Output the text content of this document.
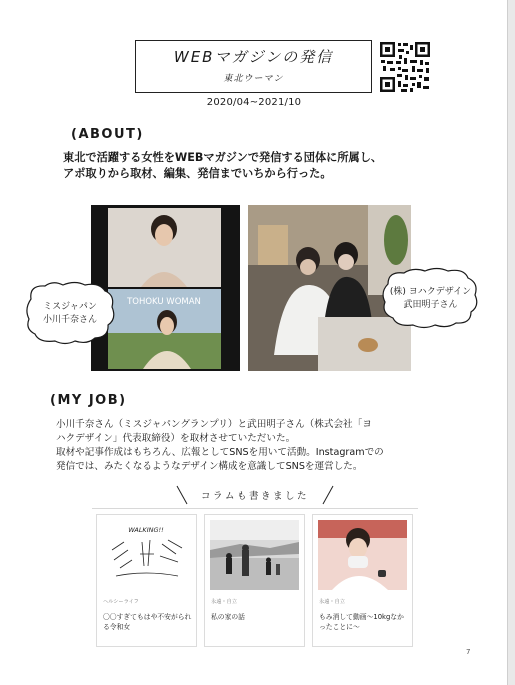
WEBマガジンの発信
東北ウーマン
2020/04~2021/10
(ABOUT)
東北で活躍する女性をWEBマガジンで発信する団体に所属し、
アポ取りから取材、編集、発信までいちから行った。
TOHOKU WOMAN
ミスジャパン
小川千奈さん
(株) ヨハクデザイン
武田明子さん
(MY JOB)
小川千奈さん（ミスジャパングランプリ）と武田明子さん（株式会社「ヨ
ハクデザイン」代表取締役）を取材させていただいた。
取材や記事作成はもちろん、広報としてSNSを用いて活動。Instagramでの
発信では、みたくなるようなデザイン構成を意識してSNSを運営した。
コラムも書きました
WALKING!!
ヘルシーライフ
〇〇すぎてもはや不安がられる令和女
永遠・自立
私の家の話
永遠・自立
もみ消して動画〜10kgなかったことに〜
7
